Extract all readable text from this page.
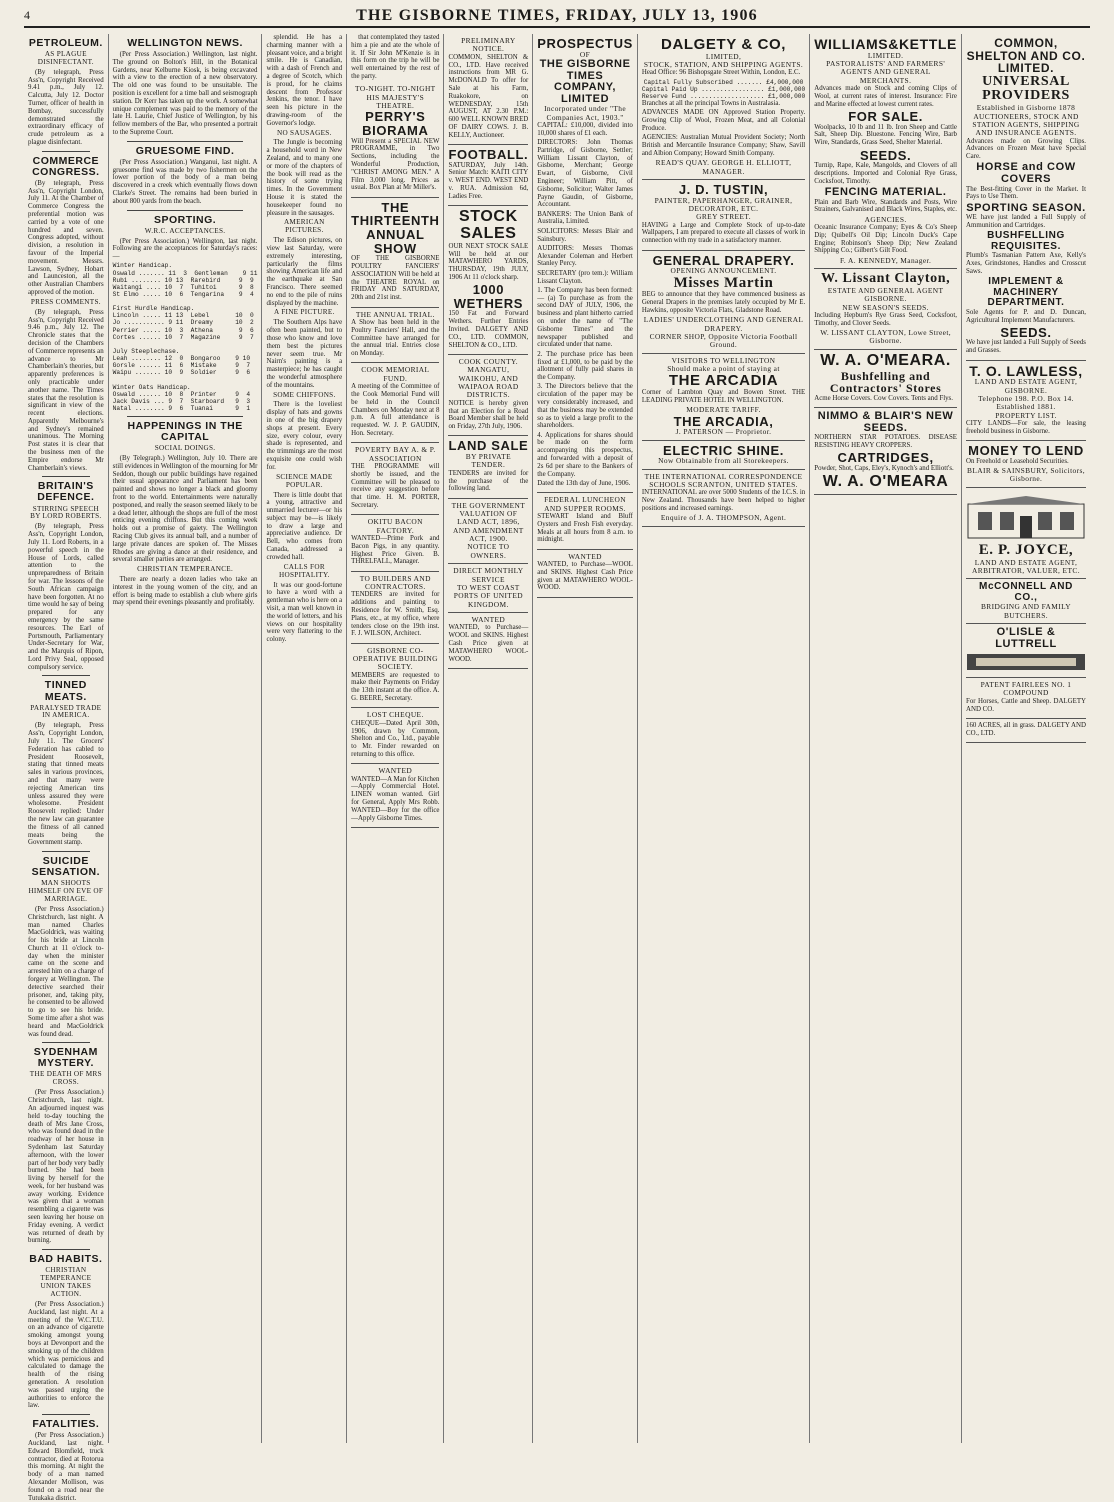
4	THE GISBORNE TIMES, FRIDAY, JULY 13, 1906
PETROLEUM.
AS PLAGUE DISINFECTANT.

(By telegraph, Press Ass'n, Copyright Received 9.41 p.m., July 12. Calcutta, July 12. Doctor Turner, officer of health in Bombay, successfully demonstrated the extraordinary efficacy of crude petroleum as a plague disinfectant.

COMMERCE CONGRESS.

(By telegraph, Press Ass'n, Copyright London, July 11. At the Chamber of Commerce Congress the preferential motion was carried by a vote of one hundred and seven. Congress adopted, without division, a resolution in favour of the Imperial movement. Messrs. Lawson, Sydney, Hobart and Launceston, all the other Australian Chambers approved of the motion.

PRESS COMMENTS.

(By telegraph, Press Ass'n, Copyright Received 9.46 p.m., July 12. The Chronicle states that the decision of the Chambers of Commerce represents an advance to Mr Chamberlain's theories, but apparently preferences is only practicable under another name. The Times states that the resolution is significant in view of the recent elections. Apparently Melbourne's and Sydney's remained unanimous. The Morning Post states it is clear that the business men of the Empire endorse Mr Chamberlain's views.

BRITAIN'S DEFENCE.
STIRRING SPEECH BY LORD ROBERTS.

(By telegraph, Press Ass'n, Copyright London, July 11. Lord Roberts, in a powerful speech in the House of Lords, called attention to the unpreparedness of Britain for war. The lessons of the South African campaign have been forgotten. At no time would he say of being prepared for any emergency by the same resources. The Earl of Portsmouth, Parliamentary Under-Secretary for War, and the Marquis of Ripon, Lord Privy Seal, opposed compulsory service.

TINNED MEATS.
PARALYSED TRADE IN AMERICA.

(By telegraph, Press Ass'n, Copyright London, July 11. The Grocers' Federation has cabled to President Roosevelt, stating that tinned meats sales in various provinces, and that many were rejecting American tins unless assured they were wholesome. President Roosevelt replied: Under the new law can guarantee the fitness of all canned meats being the Government stamp.

SUICIDE SENSATION.
MAN SHOOTS HIMSELF ON EVE OF MARRIAGE.

(Per Press Association.) Christchurch, last night. A man named Charles MacGoldrick, was waiting for his bride at Lincoln Church at 11 o'clock to-day when the minister came on the scene and arrested him on a charge of forgery at Wellington. The detective searched their prisoner, and, taking pity, he consented to be allowed to go to see his bride. Some time after a shot was heard and MacGoldrick was found dead.

SYDENHAM MYSTERY.
THE DEATH OF MRS CROSS.

(Per Press Association.) Christchurch, last night. An adjourned inquest was held to-day touching the death of Mrs Jane Cross, who was found dead in the roadway of her house in Sydenham last Saturday afternoon, with the lower part of her body very badly burned. She had been living by herself for the week, for her husband was away working. Evidence was given that a woman resembling a cigarette was seen leaving her house on Friday evening. A verdict was returned of death by burning.

BAD HABITS.
CHRISTIAN TEMPERANCE UNION TAKES ACTION.

(Per Press Association.) Auckland, last night. At a meeting of the W.C.T.U. on an advance of cigarette smoking amongst young boys at Devonport and the smoking up of the children which was pernicious and calculated to damage the health of the rising generation. A resolution was passed urging the authorities to enforce the law.

FATALITIES.

(Per Press Association.) Auckland, last night. Edward Blomfield, truck contractor, died at Rotorua this morning. At night the body of a man named Alexander Mollison, was found on a road near the Tutukaka district.

WELLINGTON NEWS.

(Per Press Association.) Wellington, last night. The ground on Bolton's Hill, in the Botanical Gardens, near Kelburne Kiosk, is being excavated with a view to the erection of a new observatory. The old one was found to be unsuitable. The position is excellent for a time ball and seismograph station. Dr Kerr has taken up the work. A somewhat unique complement was paid to the memory of the late H. Laurie, Chief Justice of Wellington, by his fellow members of the Bar, who presented a portrait to the Supreme Court.

GRUESOME FIND.

(Per Press Association.) Wanganui, last night. A gruesome find was made by two fishermen on the lower portion of the body of a man being discovered in a creek which eventually flows down Clarke's Street. The remains had been buried in about 800 yards from the beach.

SPORTING.
W.R.C. ACCEPTANCES.

(Per Press Association.) Wellington, last night. Following are the acceptances for Saturday's races:—

Winter Handicap.
Oswald ....... 11  3  Gentleman    9 11
Rubi ........ 10 13  Rarebird     9  9
Waitangi .... 10  7  Tuhitoi      9  8
St Elmo ..... 10  6  Tengarina    9  4

First Hurdle Handicap.
Lincoln ..... 11 13  Lebel       10  0
Jo ........... 9 11  Dreamy      10  2
Perrier ..... 10  3  Athena       9  6
Cortes ...... 10  7  Magazine     9  7

July Steeplechase.
Leah ........ 12  0  Bongaroo    9 10
Gorsle ...... 11  6  Mistake     9  7
Waipu ....... 10  9  Soldier     9  6

Winter Oats Handicap.
Oswald ...... 10  8  Printer     9  4
Jack Davis ... 9  7  Starboard   9  3
Natal ........ 9  6  Tuanai      9  1
HAPPENINGS IN THE CAPITAL
SOCIAL DOINGS.

(By Telegraph.) Wellington, July 10. There are still evidences in Wellington of the mourning for Mr Seddon, though our public buildings have regained their usual appearance and Parliament has been painted and shows no longer a black and gloomy front to the world. Entertainments were naturally postponed, and really the season seemed likely to be a dead letter, although the shops are full of the most enticing evening chiffons. But this coming week holds out a promise of gaiety. The Wellington Racing Club gives its annual ball, and a number of large private dances are spoken of. The Misses Rhodes are giving a dance at their residence, and several smaller parties are arranged.

CHRISTIAN TEMPERANCE.

There are nearly a dozen ladies who take an interest in the young women of the city, and an effort is being made to establish a club where girls may spend their evenings pleasantly and profitably.

splendid. He has a charming manner with a pleasant voice, and a bright smile. He is Canadian, with a dash of French and a degree of Scotch, which is proud, for he claims descent from Professor Jenkins, the tenor. I have seen his picture in the drawing-room of the Governor's lodge.

NO SAUSAGES.

The Jungle is becoming a household word in New Zealand, and to many one or more of the chapters of the book will read as the history of some trying times. In the Government House it is stated the housekeeper found no pleasure in the sausages.

AMERICAN PICTURES.

The Edison pictures, on view last Saturday, were extremely interesting, particularly the films showing American life and the earthquake at San Francisco. There seemed no end to the pile of ruins displayed by the machine.

A FINE PICTURE.

The Southern Alps have often been painted, but to those who know and love them best the pictures never seem true. Mr Nairn's painting is a masterpiece; he has caught the wonderful atmosphere of the mountains.

SOME CHIFFONS.

There is the loveliest display of hats and gowns in one of the big drapery shops at present. Every size, every colour, every shade is represented, and the trimmings are the most exquisite one could wish for.

SCIENCE MADE POPULAR.

There is little doubt that a young, attractive and unmarried lecturer—or his subject may be—is likely to draw a large and appreciative audience. Dr Bell, who comes from Canada, addressed a crowded hall.

CALLS FOR HOSPITALITY.

It was our good-fortune to have a word with a gentleman who is here on a visit, a man well known in the world of letters, and his views on our hospitality were very flattering to the colony.

that contemplated they tasted him a pie and ate the whole of it. If Sir John M'Kenzie is in this form on the trip he will be well entertained by the rest of the party.

TO-NIGHT. TO-NIGHT
HIS MAJESTY'S THEATRE.
PERRY'S BIORAMA

Will Present a SPECIAL NEW PROGRAMME, in Two Sections, including the Wonderful Production, "CHRIST AMONG MEN." A Film 3,000 long. Prices as usual. Box Plan at Mr Miller's.

THE THIRTEENTH ANNUAL SHOW

OF THE GISBORNE POULTRY FANCIERS' ASSOCIATION Will be held at the THEATRE ROYAL on FRIDAY AND SATURDAY, 20th and 21st inst.

THE ANNUAL TRIAL.

A Show has been held in the Poultry Fanciers' Hall, and the Committee have arranged for the annual trial. Entries close on Monday.

COOK MEMORIAL FUND.

A meeting of the Committee of the Cook Memorial Fund will be held in the Council Chambers on Monday next at 8 p.m. A full attendance is requested. W. J. P. GAUDIN, Hon. Secretary.

POVERTY BAY A. & P. ASSOCIATION

THE PROGRAMME will shortly be issued, and the Committee will be pleased to receive any suggestion before that time. H. M. PORTER, Secretary.

OKITU BACON FACTORY.

WANTED—Prime Pork and Bacon Pigs, in any quantity. Highest Price Given. B. THRELFALL, Manager.

TO BUILDERS AND CONTRACTORS.

TENDERS are invited for additions and painting to Residence for W. Smith, Esq. Plans, etc., at my office, where tenders close on the 19th inst. F. J. WILSON, Architect.

GISBORNE CO-OPERATIVE BUILDING SOCIETY.

MEMBERS are requested to make their Payments on Friday the 13th instant at the office. A. G. BEERE, Secretary.

LOST CHEQUE.

CHEQUE—Dated April 30th, 1906, drawn by Common, Shelton and Co., Ltd., payable to Mr. Finder rewarded on returning to this office.

WANTED

WANTED—A Man for Kitchen—Apply Commercial Hotel. LINEN woman wanted. Girl for General, Apply Mrs Robb. WANTED—Boy for the office—Apply Gisborne Times.

PRELIMINARY NOTICE.

COMMON, SHELTON & CO., LTD. Have received instructions from MR G. McDONALD To offer for Sale at his Farm, Ruakokore, on WEDNESDAY, 15th AUGUST, AT 2.30 P.M.: 600 WELL KNOWN BRED OF DAIRY COWS. J. B. KELLY, Auctioneer.

FOOTBALL.

SATURDAY, July 14th. Senior Match: KAITI CITY v. WEST END. WEST END v. RUA. Admission 6d, Ladies Free.

STOCK SALES

OUR NEXT STOCK SALE Will be held at our MATAWHERO YARDS, THURSDAY, 19th JULY, 1906 At 11 o'clock sharp.

1000 WETHERS

150 Fat and Forward Wethers. Further Entries Invited. DALGETY AND CO., LTD. COMMON, SHELTON & CO., LTD.

COOK COUNTY.
MANGATU, WAIKOHU, AND WAIPAOA ROAD DISTRICTS.

NOTICE is hereby given that an Election for a Road Board Member shall be held on Friday, 27th July, 1906.

LAND SALE
BY PRIVATE TENDER.

TENDERS are invited for the purchase of the following land.

THE GOVERNMENT VALUATION OF LAND ACT, 1896, AND AMENDMENT ACT, 1900.
NOTICE TO OWNERS.
DIRECT MONTHLY SERVICE
TO WEST COAST PORTS OF UNITED KINGDOM.
WANTED

WANTED, to Purchase—WOOL and SKINS. Highest Cash Price given at MATAWHERO WOOL-WOOD.

PROSPECTUS
OF
THE GISBORNE TIMES COMPANY, LIMITED
Incorporated under "The Companies Act, 1903."

CAPITAL: £10,000, divided into 10,000 shares of £1 each.

DIRECTORS: John Thomas Partridge, of Gisborne, Settler; William Lissant Clayton, of Gisborne, Merchant; George Ewart, of Gisborne, Civil Engineer; William Pitt, of Gisborne, Solicitor; Walter James Payne Gaudin, of Gisborne, Accountant.

BANKERS: The Union Bank of Australia, Limited.

SOLICITORS: Messrs Blair and Sainsbury.

AUDITORS: Messrs Thomas Alexander Coleman and Herbert Stanley Percy.

SECRETARY (pro tem.): William Lissant Clayton.

1. The Company has been formed:— (a) To purchase as from the second DAY of JULY, 1906, the business and plant hitherto carried on under the name of "The Gisborne Times" and the newspaper published and circulated under that name.

2. The purchase price has been fixed at £1,000, to be paid by the allotment of fully paid shares in the Company.

3. The Directors believe that the circulation of the paper may be very considerably increased, and that the business may be extended so as to yield a large profit to the shareholders.

4. Applications for shares should be made on the form accompanying this prospectus, and forwarded with a deposit of 2s 6d per share to the Bankers of the Company.

Dated the 13th day of June, 1906.

FEDERAL LUNCHEON AND SUPPER ROOMS.

STEWART Island and Bluff Oysters and Fresh Fish everyday. Meals at all hours from 8 a.m. to midnight.

WANTED

WANTED, to Purchase—WOOL and SKINS. Highest Cash Price given at MATAWHERO WOOL-WOOD.

DALGETY & CO,
LIMITED,
STOCK, STATION, AND SHIPPING AGENTS.

Head Office: 96 Bishopsgate Street Within, London, E.C.

Capital Fully Subscribed ....... £4,000,000
Capital Paid Up ................. £1,000,000
Reserve Fund .................... £1,000,000

Branches at all the principal Towns in Australasia.

ADVANCES MADE ON Approved Station Property. Growing Clip of Wool, Frozen Meat, and all Colonial Produce.

AGENCIES: Australian Mutual Provident Society; North British and Mercantile Insurance Company; Shaw, Savill and Albion Company; Howard Smith Company.

READ'S QUAY. GEORGE H. ELLIOTT, MANAGER.
J. D. TUSTIN,
PAINTER, PAPERHANGER, GRAINER, DECORATOR, ETC.
GREY STREET.

HAVING a Large and Complete Stock of up-to-date Wallpapers, I am prepared to execute all classes of work in connection with my trade in a satisfactory manner.

GENERAL DRAPERY.
OPENING ANNOUNCEMENT.
Misses Martin

BEG to announce that they have commenced business as General Drapers in the premises lately occupied by Mr E. Hawkins, opposite Victoria Flats, Gladstone Road.

LADIES' UNDERCLOTHING AND GENERAL DRAPERY.
CORNER SHOP, Opposite Victoria Football Ground.
VISITORS TO WELLINGTON
Should make a point of staying at
THE ARCADIA

Corner of Lambton Quay and Bowen Street. THE LEADING PRIVATE HOTEL IN WELLINGTON.

MODERATE TARIFF.
THE ARCADIA,
J. PATERSON — Proprietor.
ELECTRIC SHINE.
Now Obtainable from all Storekeepers.
THE INTERNATIONAL CORRESPONDENCE SCHOOLS SCRANTON, UNITED STATES.

INTERNATIONAL are over 5000 Students of the I.C.S. in New Zealand. Thousands have been helped to higher positions and increased earnings.

Enquire of J. A. THOMPSON, Agent.
WILLIAMS&KETTLE
LIMITED.
PASTORALISTS' AND FARMERS' AGENTS AND GENERAL MERCHANTS.

Advances made on Stock and coming Clips of Wool, at current rates of interest. Insurance: Fire and Marine effected at lowest current rates.

FOR SALE.

Woolpacks, 10 lb and 11 lb. Iron Sheep and Cattle Salt, Sheep Dip. Bluestone. Fencing Wire, Barb Wire, Standards, Grass Seed, Shelter Material.

SEEDS.

Turnip, Rape, Kale, Mangolds, and Clovers of all descriptions. Imported and Colonial Rye Grass, Cocksfoot, Timothy.

FENCING MATERIAL.

Plain and Barb Wire, Standards and Posts, Wire Strainers, Galvanised and Black Wires, Staples, etc.

AGENCIES.

Oceanic Insurance Company; Eyes & Co's Sheep Dip; Quibell's Oil Dip; Lincoln Duck's Cape Engine; Robinson's Sheep Dip; New Zealand Shipping Co.; Gilbert's Gilt Food.

F. A. KENNEDY, Manager.
W. Lissant Clayton,
ESTATE AND GENERAL AGENT GISBORNE.
NEW SEASON'S SEEDS.

Including Hepburn's Rye Grass Seed, Cocksfoot, Timothy, and Clover Seeds.

W. LISSANT CLAYTON, Lowe Street, Gisborne.
W. A. O'MEARA.
Bushfelling and Contractors' Stores

Acme Horse Covers. Cow Covers. Tents and Flys.

NIMMO & BLAIR'S NEW SEEDS.

NORTHERN STAR POTATOES. DISEASE RESISTING HEAVY CROPPERS.

CARTRIDGES,

Powder, Shot, Caps, Eley's, Kynoch's and Elliott's.

W. A. O'MEARA
COMMON, SHELTON AND CO. LIMITED.
UNIVERSAL PROVIDERS
Established in Gisborne 1878
AUCTIONEERS, STOCK AND STATION AGENTS, SHIPPING AND INSURANCE AGENTS.

Advances made on Growing Clips. Advances on Frozen Meat have Special Care.

HORSE and COW COVERS

The Best-fitting Cover in the Market. It Pays to Use Them.

SPORTING SEASON.

WE have just landed a Full Supply of Ammunition and Cartridges.

BUSHFELLING REQUISITES.

Plumb's Tasmanian Pattern Axe, Kelly's Axes, Grindstones, Handles and Crosscut Saws.

IMPLEMENT & MACHINERY DEPARTMENT.

Sole Agents for P. and D. Duncan, Agricultural Implement Manufacturers.

SEEDS.

We have just landed a Full Supply of Seeds and Grasses.

T. O. LAWLESS,
LAND AND ESTATE AGENT, GISBORNE.
Telephone 198. P.O. Box 14. Established 1881.
PROPERTY LIST.

CITY LANDS—For sale, the leasing freehold business in Gisborne.

MONEY TO LEND

On Freehold or Leasehold Securities.

BLAIR & SAINSBURY, Solicitors, Gisborne.
E. P. JOYCE,
LAND AND ESTATE AGENT, ARBITRATOR, VALUER, ETC.
McCONNELL AND CO.,
BRIDGING AND FAMILY BUTCHERS.
O'LISLE & LUTTRELL
PATENT FAIRLEES NO. 1 COMPOUND

For Horses, Cattle and Sheep. DALGETY AND CO.

160 ACRES, all in grass. DALGETY AND CO., LTD.
